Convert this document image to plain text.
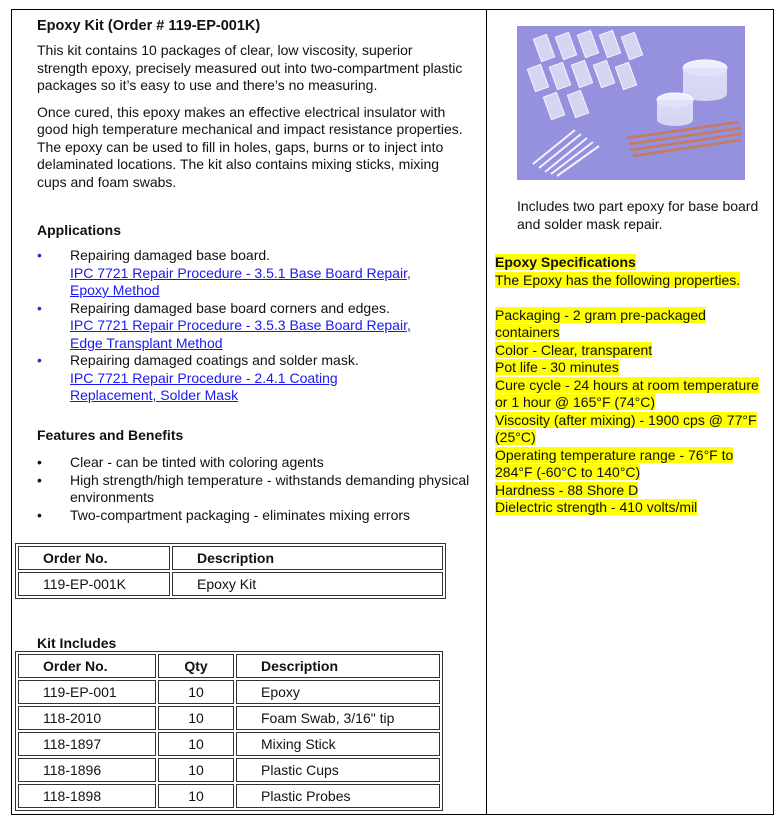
Epoxy Kit (Order # 119-EP-001K)

This kit contains 10 packages of clear, low viscosity, superior strength epoxy, precisely measured out into two-compartment plastic packages so it’s easy to use and there’s no measuring.

Once cured, this epoxy makes an effective electrical insulator with good high temperature mechanical and impact resistance properties. The epoxy can be used to fill in holes, gaps, burns or to inject into delaminated locations. The kit also contains mixing sticks, mixing cups and foam swabs.

Applications

• Repairing damaged base board.
IPC 7721 Repair Procedure - 3.5.1 Base Board Repair,
Epoxy Method
• Repairing damaged base board corners and edges.
IPC 7721 Repair Procedure - 3.5.3 Base Board Repair,
Edge Transplant Method
• Repairing damaged coatings and solder mask.
IPC 7721 Repair Procedure - 2.4.1 Coating
Replacement, Solder Mask

Features and Benefits

• Clear - can be tinted with coloring agents
• High strength/high temperature - withstands demanding physical environments
• Two-compartment packaging - eliminates mixing errors
Order No.	Description
119-EP-001K	Epoxy Kit

Kit Includes

Order No.	Qty	Description
119-EP-001	10	Epoxy
118-2010	10	Foam Swab, 3/16" tip
118-1897	10	Mixing Stick
118-1896	10	Plastic Cups
118-1898	10	Plastic Probes
Includes two part epoxy for base board and solder mask repair.

Epoxy Specifications

The Epoxy has the following properties.

Packaging - 2 gram pre-packaged containers

Color - Clear, transparent

Pot life - 30 minutes

Cure cycle - 24 hours at room temperature or 1 hour @ 165°F (74°C)

Viscosity (after mixing) - 1900 cps @ 77°F (25°C)

Operating temperature range - 76°F to 284°F (-60°C to 140°C)

Hardness - 88 Shore D

Dielectric strength - 410 volts/mil
